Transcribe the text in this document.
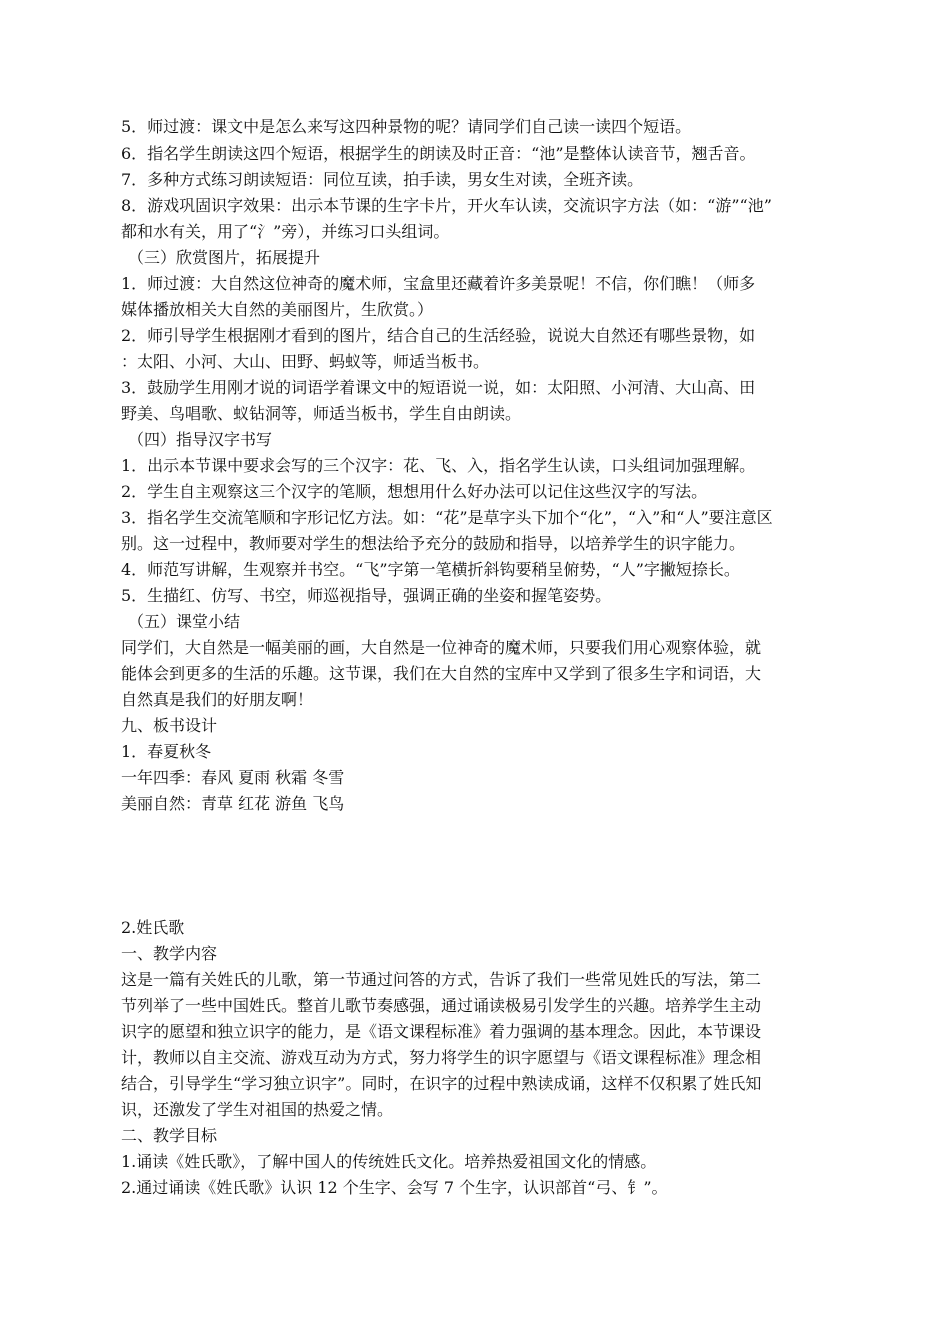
5．师过渡：课文中是怎么来写这四种景物的呢？请同学们自己读一读四个短语。
6．指名学生朗读这四个短语，根据学生的朗读及时正音：“池”是整体认读音节，翘舌音。
7．多种方式练习朗读短语：同位互读，拍手读，男女生对读，全班齐读。
8．游戏巩固识字效果：出示本节课的生字卡片，开火车认读，交流识字方法（如：“游”“池”
都和水有关，用了“氵”旁），并练习口头组词。
（三）欣赏图片，拓展提升
1．师过渡：大自然这位神奇的魔术师，宝盒里还藏着许多美景呢！不信，你们瞧！（师多
媒体播放相关大自然的美丽图片，生欣赏。）
2．师引导学生根据刚才看到的图片，结合自己的生活经验，说说大自然还有哪些景物，如
：太阳、小河、大山、田野、蚂蚁等，师适当板书。
3．鼓励学生用刚才说的词语学着课文中的短语说一说，如：太阳照、小河清、大山高、田
野美、鸟唱歌、蚁钻洞等，师适当板书，学生自由朗读。
（四）指导汉字书写
1．出示本节课中要求会写的三个汉字：花、飞、入，指名学生认读，口头组词加强理解。
2．学生自主观察这三个汉字的笔顺，想想用什么好办法可以记住这些汉字的写法。
3．指名学生交流笔顺和字形记忆方法。如：“花”是草字头下加个“化”，“入”和“人”要注意区
别。这一过程中，教师要对学生的想法给予充分的鼓励和指导，以培养学生的识字能力。
4．师范写讲解，生观察并书空。“飞”字第一笔横折斜钩要稍呈俯势，“人”字撇短捺长。
5．生描红、仿写、书空，师巡视指导，强调正确的坐姿和握笔姿势。
（五）课堂小结
同学们，大自然是一幅美丽的画，大自然是一位神奇的魔术师，只要我们用心观察体验，就
能体会到更多的生活的乐趣。这节课，我们在大自然的宝库中又学到了很多生字和词语，大
自然真是我们的好朋友啊！
九、板书设计
1．春夏秋冬
一年四季：春风 夏雨 秋霜 冬雪
美丽自然：青草 红花 游鱼 飞鸟
2.姓氏歌
一、教学内容
这是一篇有关姓氏的儿歌，第一节通过问答的方式，告诉了我们一些常见姓氏的写法，第二
节列举了一些中国姓氏。整首儿歌节奏感强，通过诵读极易引发学生的兴趣。培养学生主动
识字的愿望和独立识字的能力，是《语文课程标准》着力强调的基本理念。因此，本节课设
计，教师以自主交流、游戏互动为方式，努力将学生的识字愿望与《语文课程标准》理念相
结合，引导学生“学习独立识字”。同时，在识字的过程中熟读成诵，这样不仅积累了姓氏知
识，还激发了学生对祖国的热爱之情。
二、教学目标
1.诵读《姓氏歌》，了解中国人的传统姓氏文化。培养热爱祖国文化的情感。
2.通过诵读《姓氏歌》认识 12 个生字、会写 7 个生字，认识部首“弓、钅”。
